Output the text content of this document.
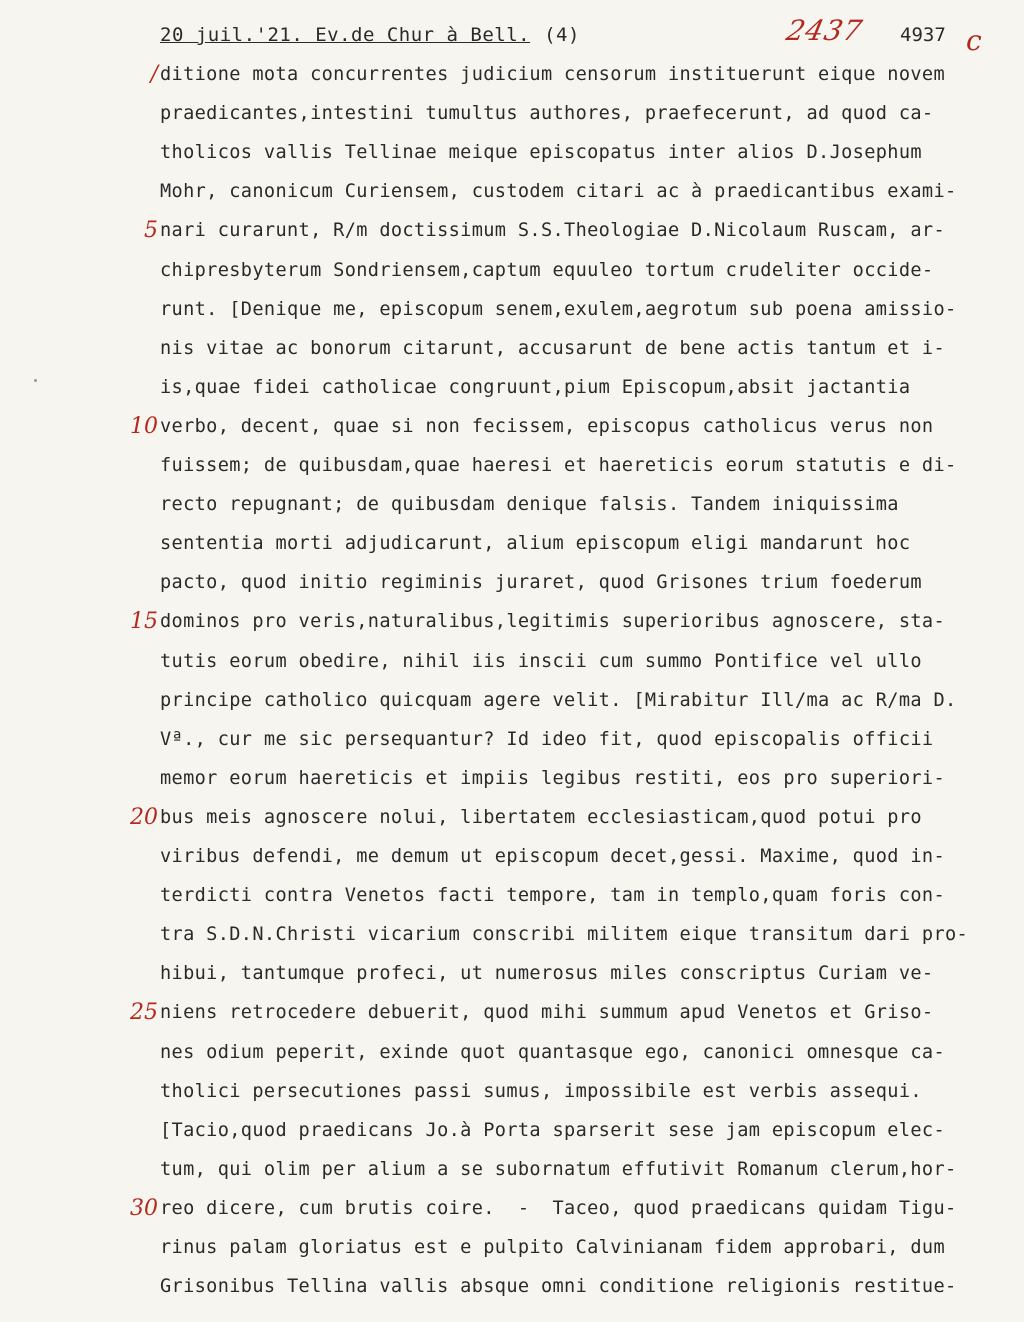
20 juil.'21. Ev.de Chur à Bell. (4)	2437 4937 c
ditione mota concurrentes judicium censorum instituerunt eique novem
/
praedicantes,intestini tumultus authores, praefecerunt, ad quod ca-
tholicos vallis Tellinae meique episcopatus inter alios D.Josephum
Mohr, canonicum Curiensem, custodem citari ac à praedicantibus exami-
nari curarunt, R/m doctissimum S.S.Theologiae D.Nicolaum Ruscam, ar-
5
chipresbyterum Sondriensem,captum equuleo tortum crudeliter occide-
runt. [Denique me, episcopum senem,exulem,aegrotum sub poena amissio-
nis vitae ac bonorum citarunt, accusarunt de bene actis tantum et i-
is,quae fidei catholicae congruunt,pium Episcopum,absit jactantia
verbo, decent, quae si non fecissem, episcopus catholicus verus non
10
fuissem; de quibusdam,quae haeresi et haereticis eorum statutis e di-
recto repugnant; de quibusdam denique falsis. Tandem iniquissima
sententia morti adjudicarunt, alium episcopum eligi mandarunt hoc
pacto, quod initio regiminis juraret, quod Grisones trium foederum
dominos pro veris,naturalibus,legitimis superioribus agnoscere, sta-
15
tutis eorum obedire, nihil iis inscii cum summo Pontifice vel ullo
principe catholico quicquam agere velit. [Mirabitur Ill/ma ac R/ma D.
Vª., cur me sic persequantur? Id ideo fit, quod episcopalis officii
memor eorum haereticis et impiis legibus restiti, eos pro superiori-
bus meis agnoscere nolui, libertatem ecclesiasticam,quod potui pro
20
viribus defendi, me demum ut episcopum decet,gessi. Maxime, quod in-
terdicti contra Venetos facti tempore, tam in templo,quam foris con-
tra S.D.N.Christi vicarium conscribi militem eique transitum dari pro-
hibui, tantumque profeci, ut numerosus miles conscriptus Curiam ve-
niens retrocedere debuerit, quod mihi summum apud Venetos et Griso-
25
nes odium peperit, exinde quot quantasque ego, canonici omnesque ca-
tholici persecutiones passi sumus, impossibile est verbis assequi.
[Tacio,quod praedicans Jo.à Porta sparserit sese jam episcopum elec-
tum, qui olim per alium a se subornatum effutivit Romanum clerum,hor-
reo dicere, cum brutis coire.  -  Taceo, quod praedicans quidam Tigu-
30
rinus palam gloriatus est e pulpito Calvinianam fidem approbari, dum
Grisonibus Tellina vallis absque omni conditione religionis restitue-
